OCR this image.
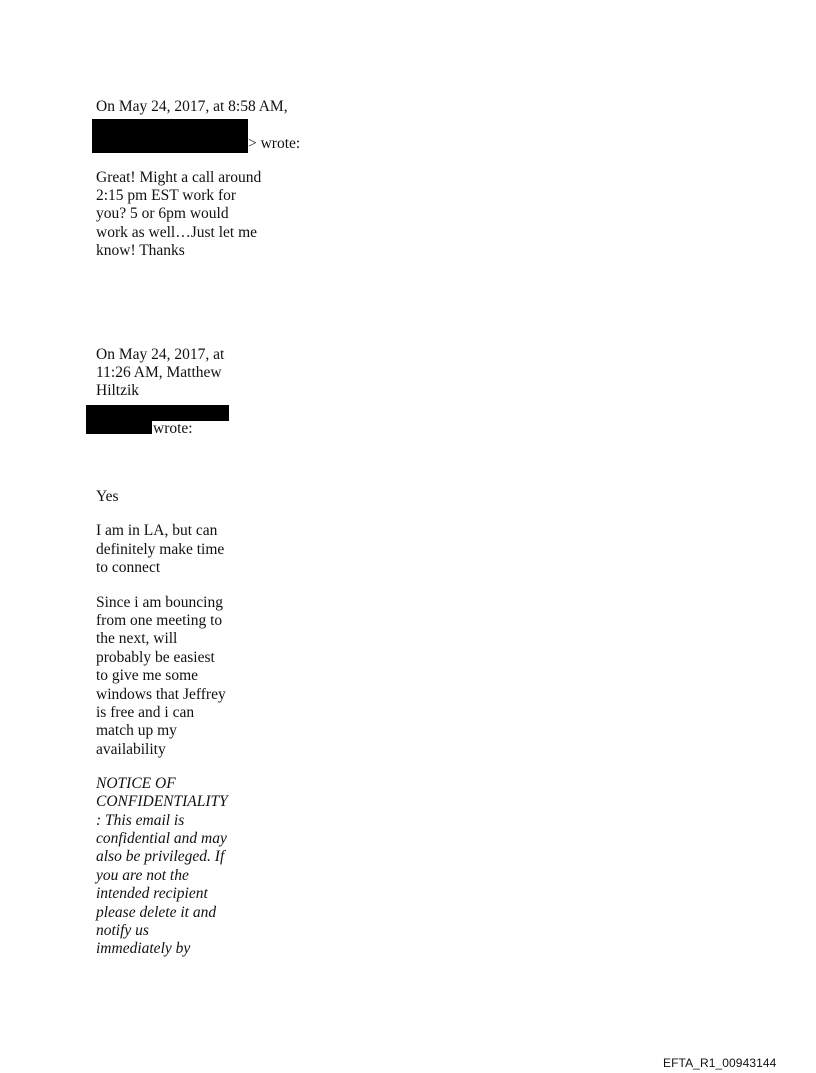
On May 24, 2017, at 8:58 AM,
> wrote:
Great! Might a call around
2:15 pm EST work for
you? 5 or 6pm would
work as well…Just let me
know! Thanks
On May 24, 2017, at
11:26 AM, Matthew
Hiltzik
wrote:
Yes
I am in LA, but can
definitely make time
to connect
Since i am bouncing
from one meeting to
the next, will
probably be easiest
to give me some
windows that Jeffrey
is free and i can
match up my
availability
NOTICE OF
CONFIDENTIALITY
: This email is
confidential and may
also be privileged. If
you are not the
intended recipient
please delete it and
notify us
immediately by
EFTA_R1_00943144
